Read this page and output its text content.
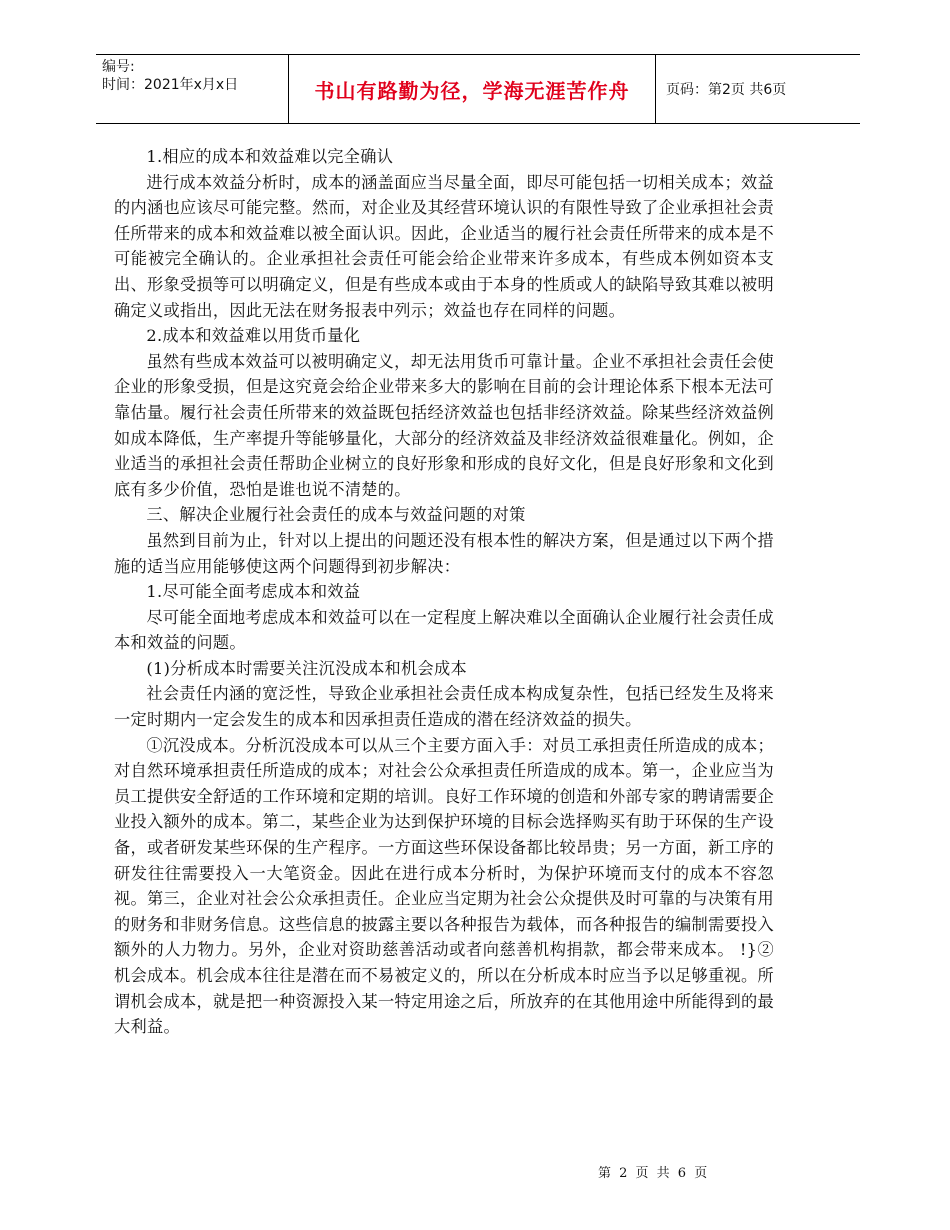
编号:
时间：2021年x月x日	书山有路勤为径，学海无涯苦作舟	页码：第2页 共6页

1.相应的成本和效益难以完全确认

进行成本效益分析时，成本的涵盖面应当尽量全面，即尽可能包括一切相关成本；效益的内涵也应该尽可能完整。然而，对企业及其经营环境认识的有限性导致了企业承担社会责任所带来的成本和效益难以被全面认识。因此，企业适当的履行社会责任所带来的成本是不可能被完全确认的。企业承担社会责任可能会给企业带来许多成本，有些成本例如资本支出、形象受损等可以明确定义，但是有些成本或由于本身的性质或人的缺陷导致其难以被明确定义或指出，因此无法在财务报表中列示；效益也存在同样的问题。

2.成本和效益难以用货币量化

虽然有些成本效益可以被明确定义，却无法用货币可靠计量。企业不承担社会责任会使企业的形象受损，但是这究竟会给企业带来多大的影响在目前的会计理论体系下根本无法可靠估量。履行社会责任所带来的效益既包括经济效益也包括非经济效益。除某些经济效益例如成本降低，生产率提升等能够量化，大部分的经济效益及非经济效益很难量化。例如，企业适当的承担社会责任帮助企业树立的良好形象和形成的良好文化，但是良好形象和文化到底有多少价值，恐怕是谁也说不清楚的。

三、解决企业履行社会责任的成本与效益问题的对策

虽然到目前为止，针对以上提出的问题还没有根本性的解决方案，但是通过以下两个措施的适当应用能够使这两个问题得到初步解决：

1.尽可能全面考虑成本和效益

尽可能全面地考虑成本和效益可以在一定程度上解决难以全面确认企业履行社会责任成本和效益的问题。

(1)分析成本时需要关注沉没成本和机会成本

社会责任内涵的宽泛性，导致企业承担社会责任成本构成复杂性，包括已经发生及将来一定时期内一定会发生的成本和因承担责任造成的潜在经济效益的损失。

①沉没成本。分析沉没成本可以从三个主要方面入手：对员工承担责任所造成的成本；对自然环境承担责任所造成的成本；对社会公众承担责任所造成的成本。第一，企业应当为员工提供安全舒适的工作环境和定期的培训。良好工作环境的创造和外部专家的聘请需要企业投入额外的成本。第二，某些企业为达到保护环境的目标会选择购买有助于环保的生产设备，或者研发某些环保的生产程序。一方面这些环保设备都比较昂贵；另一方面，新工序的研发往往需要投入一大笔资金。因此在进行成本分析时，为保护环境而支付的成本不容忽视。第三，企业对社会公众承担责任。企业应当定期为社会公众提供及时可靠的与决策有用的财务和非财务信息。这些信息的披露主要以各种报告为载体，而各种报告的编制需要投入额外的人力物力。另外，企业对资助慈善活动或者向慈善机构捐款，都会带来成本。 !}②机会成本。机会成本往往是潜在而不易被定义的，所以在分析成本时应当予以足够重视。所谓机会成本，就是把一种资源投入某一特定用途之后，所放弃的在其他用途中所能得到的最大利益。

第 2 页 共 6 页
